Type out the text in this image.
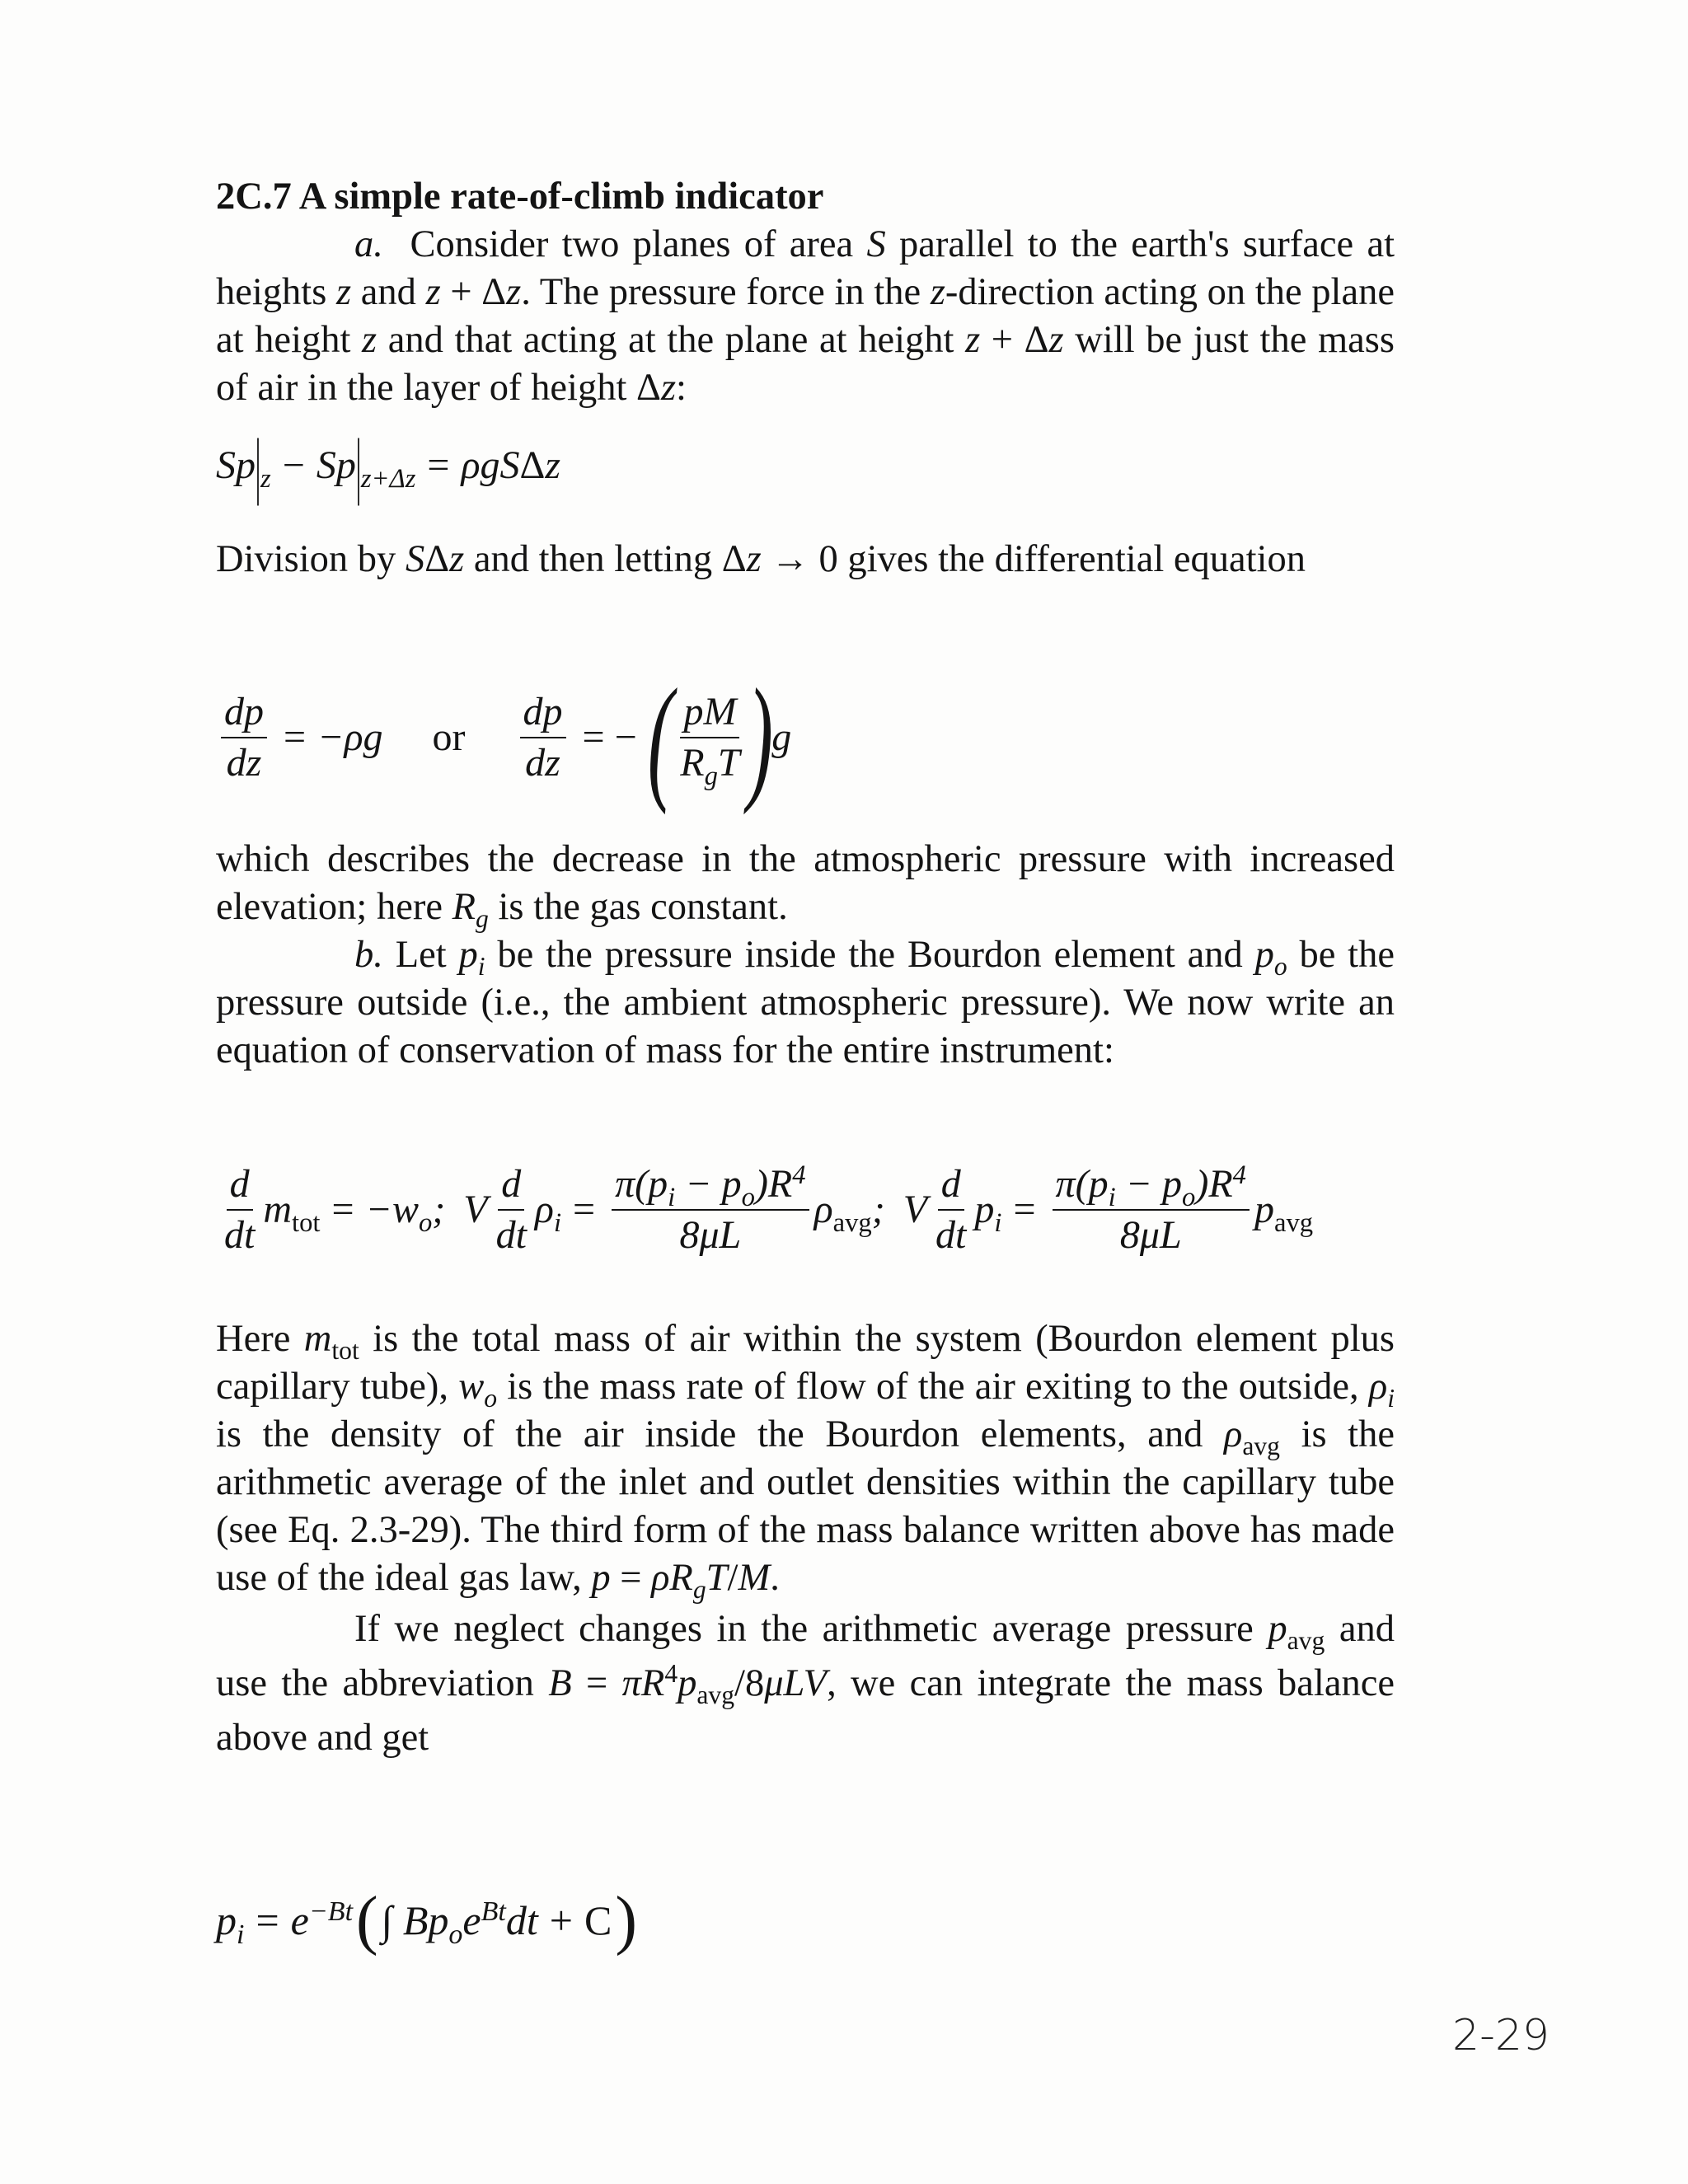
2C.7 A simple rate-of-climb indicator

a. Consider two planes of area S parallel to the earth's surface at heights z and z + Δz. The pressure force in the z-direction acting on the plane at height z and that acting at the plane at height z + Δz will be just the mass of air in the layer of height Δz:

Sp $|_z - Sp$ $|_{z+\Delta z} = \rho gS$ Δ z

Division by SΔz and then letting Δz → 0 gives the differential equation

$\frac{dp}{dz} = -\rho g$ or $\frac{dp}{dz}$ = − ( $\frac{pM}{R_gT}$ )
g

which describes the decrease in the atmospheric pressure with increased elevation; here $R_g$ is the gas constant.

b. Let $p_i$ be the pressure inside the Bourdon element and $p_o$ be the pressure outside (i.e., the ambient atmospheric pressure). We now write an equation of conservation of mass for the entire instrument:

$\frac{d}{dt} m_{tot} = -w_o$; V $\frac{d}{dt} \rho_i = \frac{\pi(p_i - p_o)R^4}{8\mu L} \rho_{avg}$; V $\frac{d}{dt} p_i = \frac{\pi(p_i - p_o)R^4}{8\mu L} p_{avg}$

Here $m_{tot}$ is the total mass of air within the system (Bourdon element plus capillary tube), $w_o$ is the mass rate of flow of the air exiting to the outside, $\rho_i$ is the density of the air inside the Bourdon elements, and $\rho_{avg}$ is the arithmetic average of the inlet and outlet densities within the capillary tube (see Eq. 2.3-29). The third form of the mass balance written above has made use of the ideal gas law, $p = \rho R_gT/M$.

If we neglect changes in the arithmetic average pressure $p_{avg}$ and use the abbreviation $B = \pi R^4p_{avg}/8\mu LV$, we can integrate the mass balance above and get

$p_i = e^{-Bt}$ ( ∫ $Bp_oe^{Bt}dt + C$ )
2-29
